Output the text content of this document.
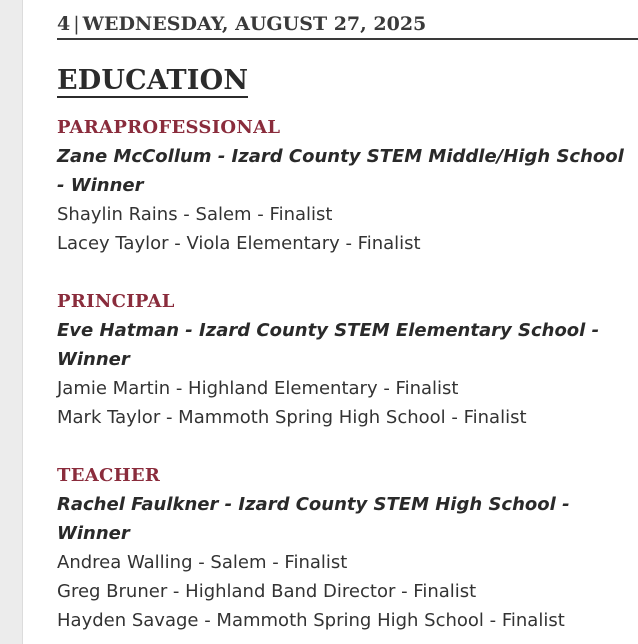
4 | WEDNESDAY, AUGUST 27, 2025
EDUCATION
PARAPROFESSIONAL
Zane McCollum - Izard County STEM Middle/High School - Winner
Shaylin Rains - Salem - Finalist
Lacey Taylor - Viola Elementary - Finalist
PRINCIPAL
Eve Hatman - Izard County STEM Elementary School - Winner
Jamie Martin - Highland Elementary - Finalist
Mark Taylor - Mammoth Spring High School - Finalist
TEACHER
Rachel Faulkner - Izard County STEM High School - Winner
Andrea Walling - Salem - Finalist
Greg Bruner - Highland Band Director - Finalist
Hayden Savage - Mammoth Spring High School - Finalist
